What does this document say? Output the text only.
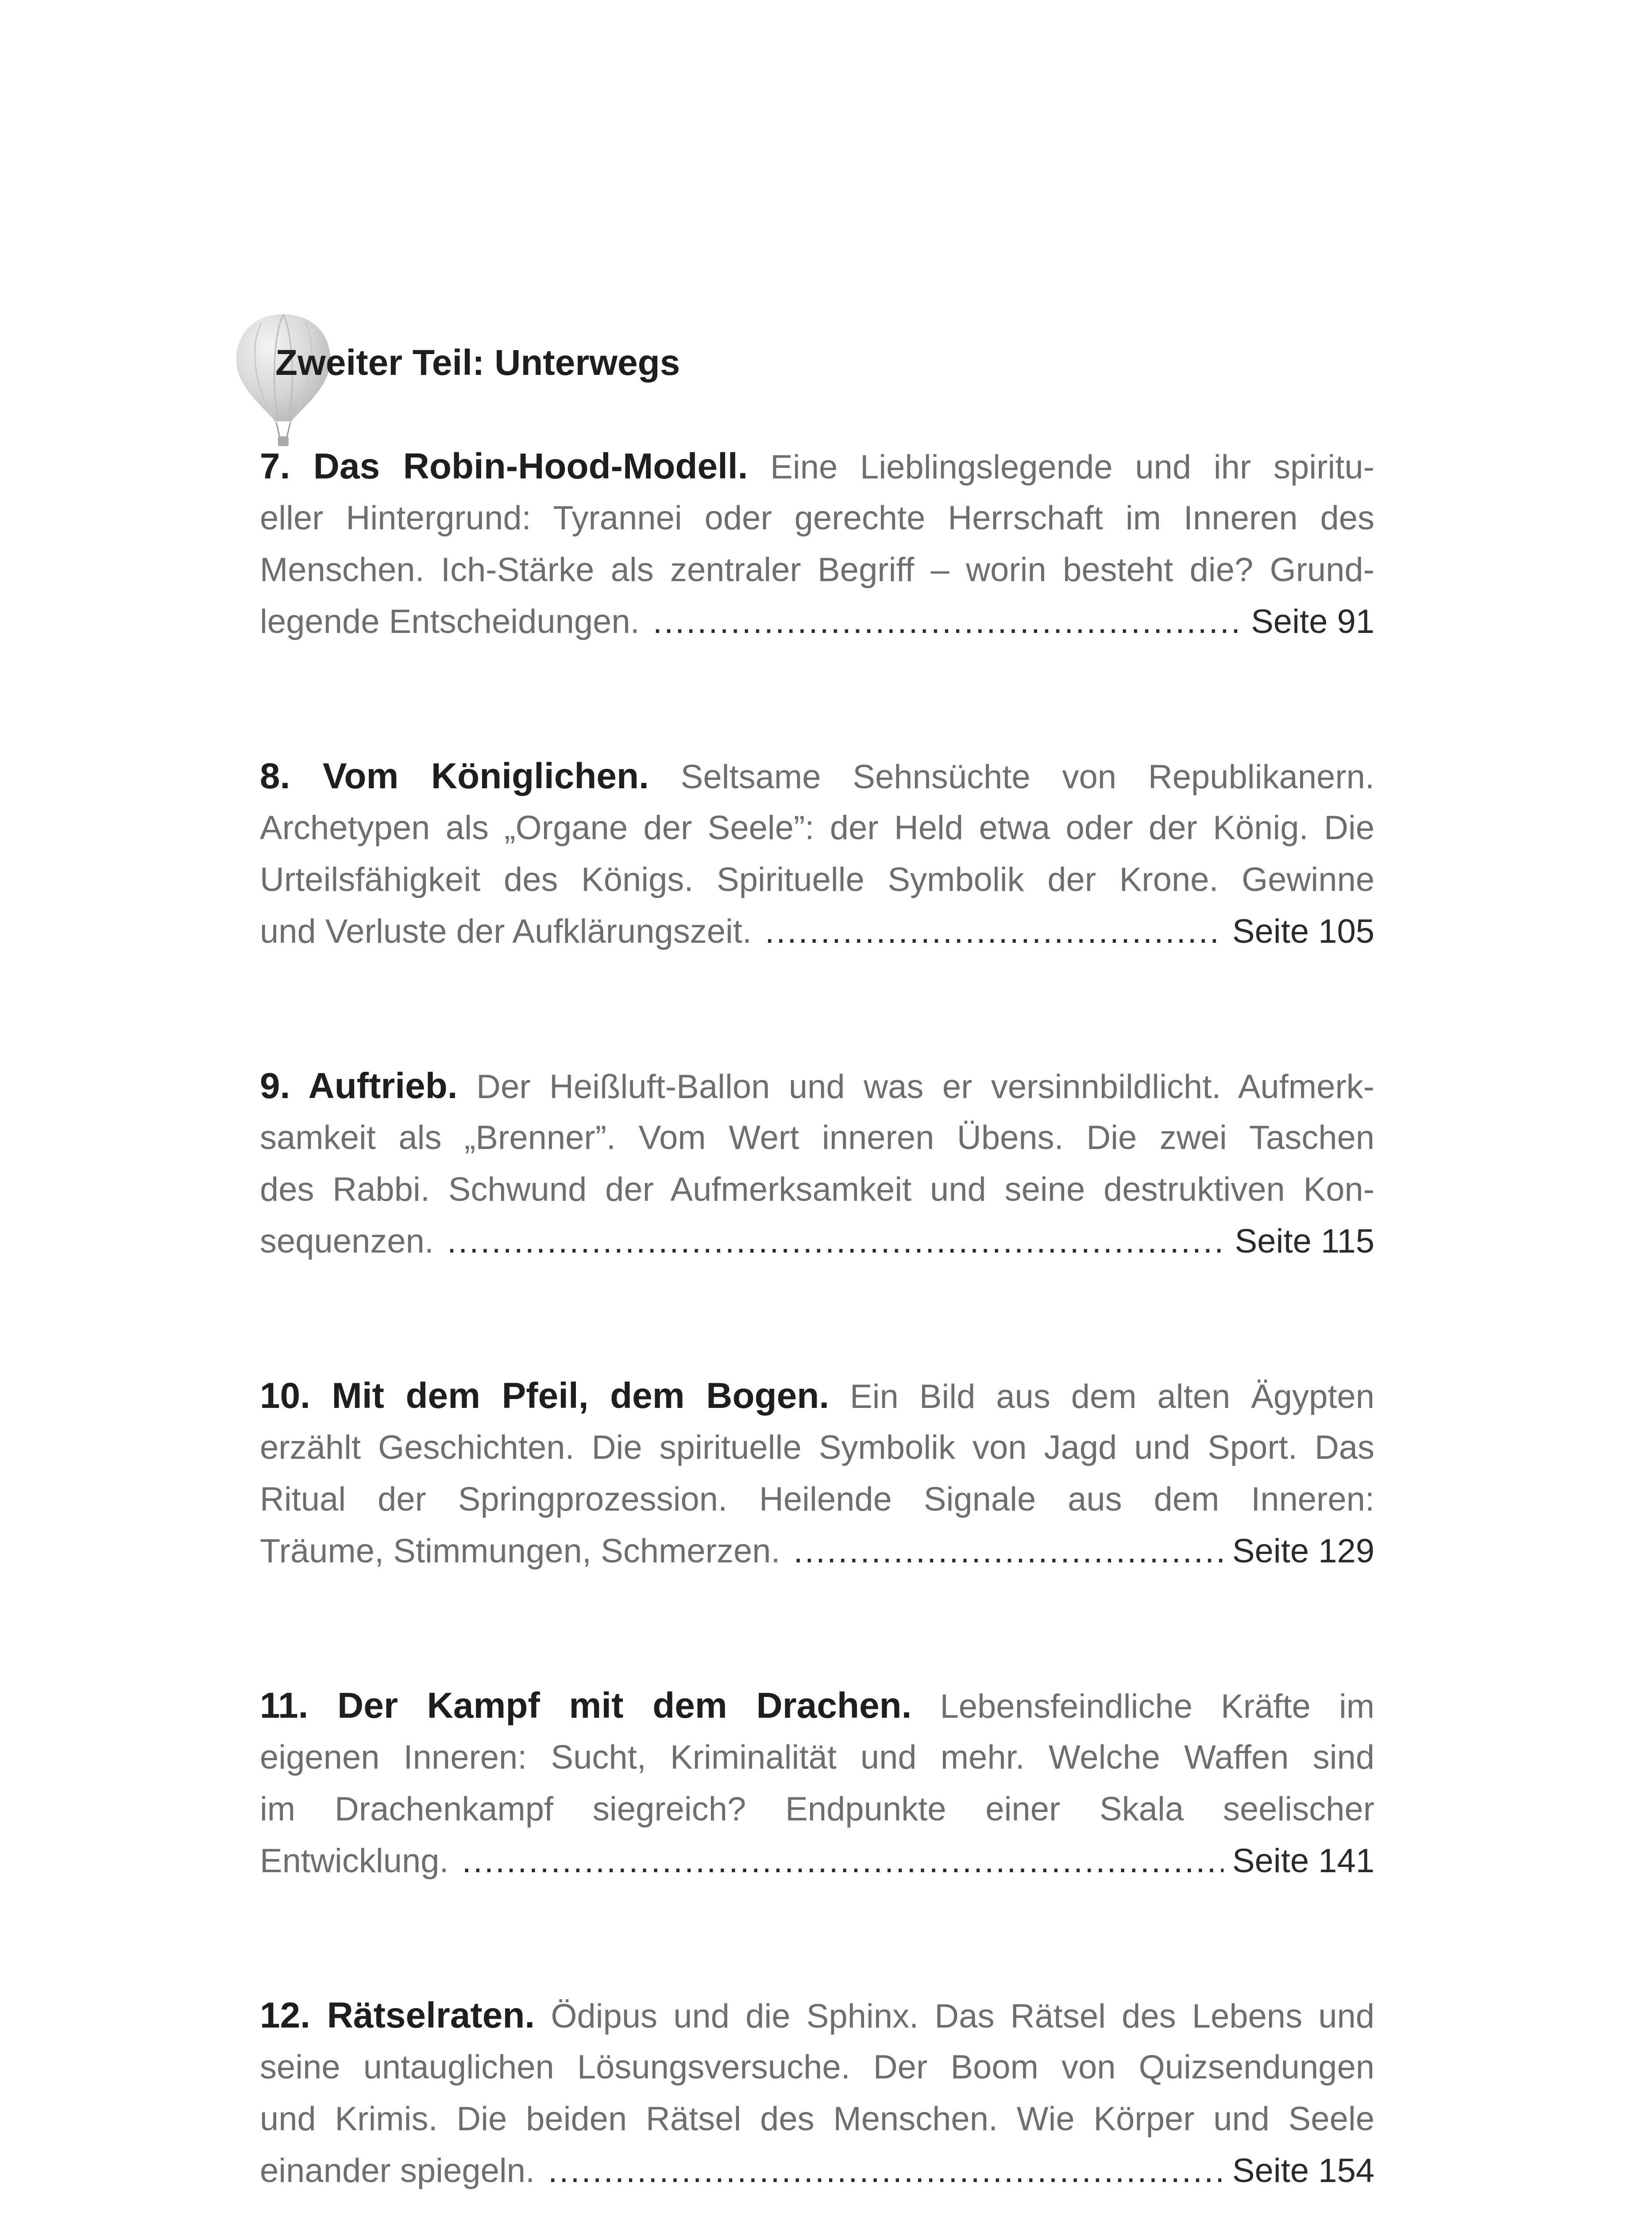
Zweiter Teil: Unterwegs
7. Das Robin-Hood-Modell. Eine Lieblingslegende und ihr spiritu-
eller Hintergrund: Tyrannei oder gerechte Herrschaft im Inneren des
Menschen. Ich-Stärke als zentraler Begriff – worin besteht die? Grund-
legende Entscheidungen. .....	Seite 91
8. Vom Königlichen. Seltsame Sehnsüchte von Republikanern.
Archetypen als „Organe der Seele”: der Held etwa oder der König. Die
Urteilsfähigkeit des Königs. Spirituelle Symbolik der Krone. Gewinne
und Verluste der Aufklärungszeit. .....	Seite 105
9. Auftrieb. Der Heißluft-Ballon und was er versinnbildlicht. Aufmerk-
samkeit als „Brenner”. Vom Wert inneren Übens. Die zwei Taschen
des Rabbi. Schwund der Aufmerksamkeit und seine destruktiven Kon-
sequenzen. .....	Seite 115
10. Mit dem Pfeil, dem Bogen. Ein Bild aus dem alten Ägypten
erzählt Geschichten. Die spirituelle Symbolik von Jagd und Sport. Das
Ritual der Springprozession. Heilende Signale aus dem Inneren:
Träume, Stimmungen, Schmerzen. .....	Seite 129
11. Der Kampf mit dem Drachen. Lebensfeindliche Kräfte im
eigenen Inneren: Sucht, Kriminalität und mehr. Welche Waffen sind
im Drachenkampf siegreich? Endpunkte einer Skala seelischer
Entwicklung. .....	Seite 141
12. Rätselraten. Ödipus und die Sphinx. Das Rätsel des Lebens und
seine untauglichen Lösungsversuche. Der Boom von Quizsendungen
und Krimis. Die beiden Rätsel des Menschen. Wie Körper und Seele
einander spiegeln. .....	Seite 154
